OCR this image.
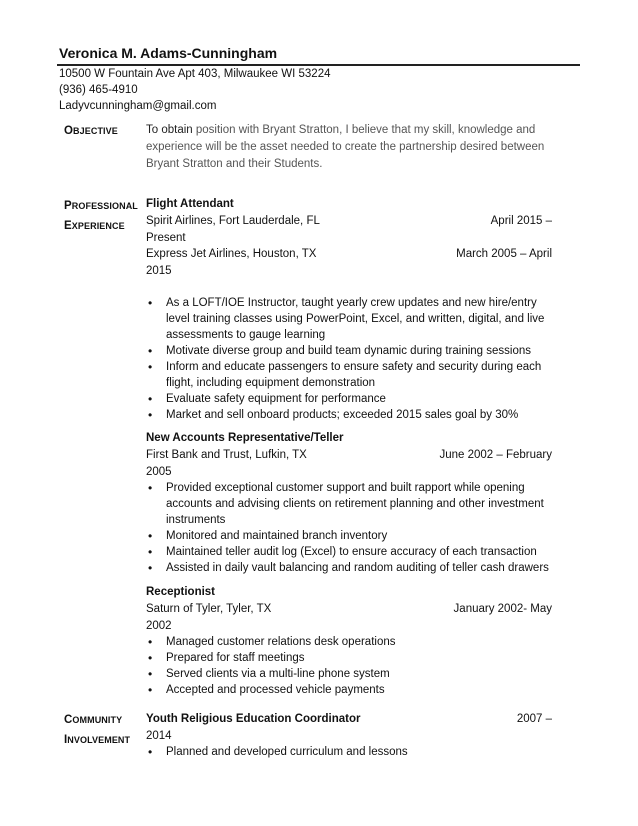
Veronica M. Adams-Cunningham
10500 W Fountain Ave Apt 403, Milwaukee WI 53224
(936) 465-4910
Ladyvcunningham@gmail.com
OBJECTIVE To obtain position with Bryant Stratton, I believe that my skill, knowledge and experience will be the asset needed to create the partnership desired between Bryant Stratton and their Students.
PROFESSIONAL
EXPERIENCE
Flight Attendant
Spirit Airlines, Fort Lauderdale, FL	April 2015 –
Present
Express Jet Airlines, Houston, TX	March 2005 – April
2015
• As a LOFT/IOE Instructor, taught yearly crew updates and new hire/entry level training classes using PowerPoint, Excel, and written, digital, and live assessments to gauge learning
• Motivate diverse group and build team dynamic during training sessions
• Inform and educate passengers to ensure safety and security during each flight, including equipment demonstration
• Evaluate safety equipment for performance
• Market and sell onboard products; exceeded 2015 sales goal by 30%
New Accounts Representative/Teller
First Bank and Trust, Lufkin, TX	June 2002 – February
2005
• Provided exceptional customer support and built rapport while opening accounts and advising clients on retirement planning and other investment instruments
• Monitored and maintained branch inventory
• Maintained teller audit log (Excel) to ensure accuracy of each transaction
• Assisted in daily vault balancing and random auditing of teller cash drawers
Receptionist
Saturn of Tyler, Tyler, TX	January 2002- May
2002
• Managed customer relations desk operations
• Prepared for staff meetings
• Served clients via a multi-line phone system
• Accepted and processed vehicle payments
COMMUNITY
INVOLVEMENT
Youth Religious Education Coordinator	2007 –
2014
• Planned and developed curriculum and lessons
